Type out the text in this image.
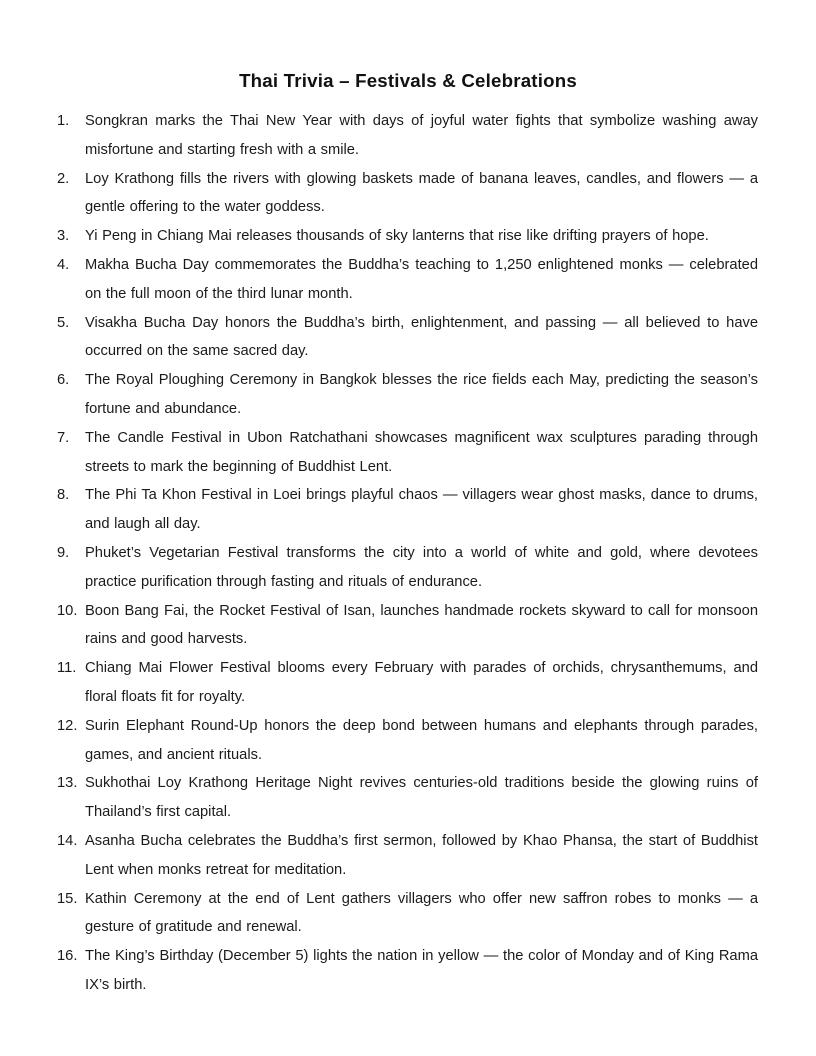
Thai Trivia – Festivals & Celebrations
1.	Songkran marks the Thai New Year with days of joyful water fights that symbolize washing away misfortune and starting fresh with a smile.
2.	Loy Krathong fills the rivers with glowing baskets made of banana leaves, candles, and flowers — a gentle offering to the water goddess.
3.	Yi Peng in Chiang Mai releases thousands of sky lanterns that rise like drifting prayers of hope.
4.	Makha Bucha Day commemorates the Buddha’s teaching to 1,250 enlightened monks — celebrated on the full moon of the third lunar month.
5.	Visakha Bucha Day honors the Buddha’s birth, enlightenment, and passing — all believed to have occurred on the same sacred day.
6.	The Royal Ploughing Ceremony in Bangkok blesses the rice fields each May, predicting the season’s fortune and abundance.
7.	The Candle Festival in Ubon Ratchathani showcases magnificent wax sculptures parading through streets to mark the beginning of Buddhist Lent.
8.	The Phi Ta Khon Festival in Loei brings playful chaos — villagers wear ghost masks, dance to drums, and laugh all day.
9.	Phuket’s Vegetarian Festival transforms the city into a world of white and gold, where devotees practice purification through fasting and rituals of endurance.
10. Boon Bang Fai, the Rocket Festival of Isan, launches handmade rockets skyward to call for monsoon rains and good harvests.
11. Chiang Mai Flower Festival blooms every February with parades of orchids, chrysanthemums, and floral floats fit for royalty.
12. Surin Elephant Round-Up honors the deep bond between humans and elephants through parades, games, and ancient rituals.
13. Sukhothai Loy Krathong Heritage Night revives centuries-old traditions beside the glowing ruins of Thailand’s first capital.
14. Asanha Bucha celebrates the Buddha’s first sermon, followed by Khao Phansa, the start of Buddhist Lent when monks retreat for meditation.
15. Kathin Ceremony at the end of Lent gathers villagers who offer new saffron robes to monks — a gesture of gratitude and renewal.
16. The King’s Birthday (December 5) lights the nation in yellow — the color of Monday and of King Rama IX’s birth.
